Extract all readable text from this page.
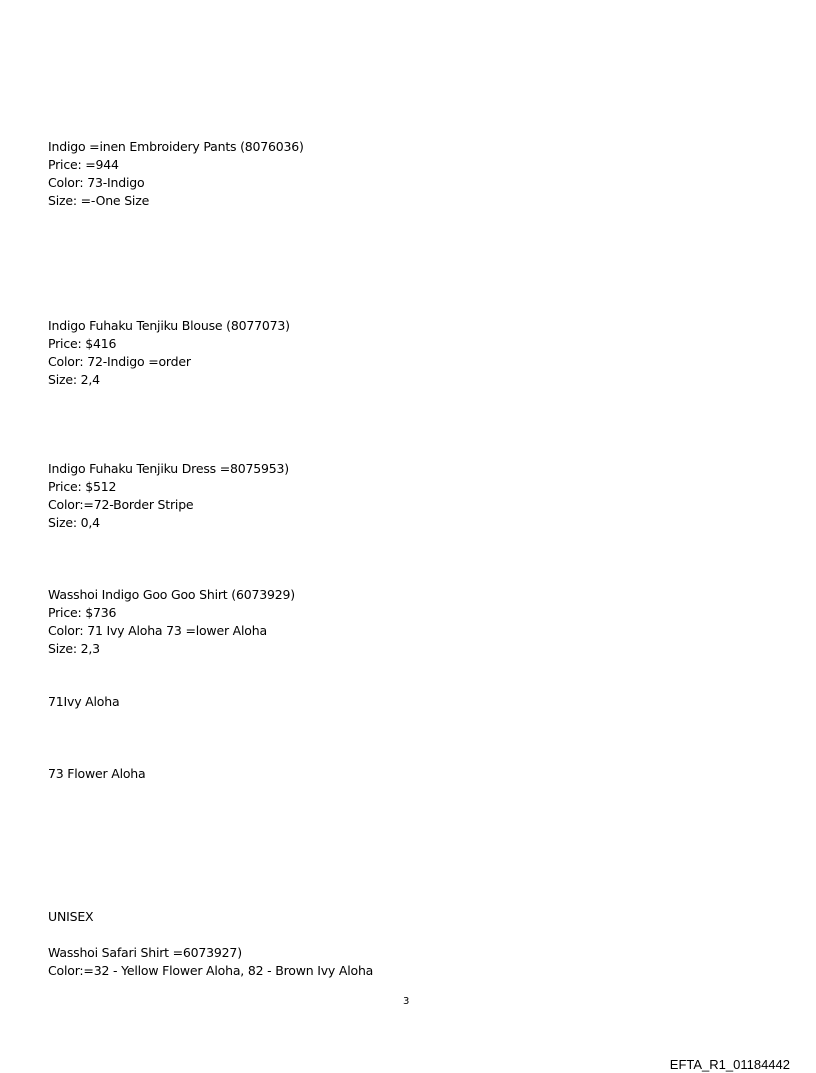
Indigo =inen Embroidery Pants (8076036)
Price: =944
Color: 73-Indigo
Size: =-One Size
Indigo Fuhaku Tenjiku Blouse (8077073)
Price: $416
Color: 72-Indigo =order
Size: 2,4
Indigo Fuhaku Tenjiku Dress =8075953)
Price: $512
Color:=72-Border Stripe
Size: 0,4
Wasshoi Indigo Goo Goo Shirt (6073929)
Price: $736
Color: 71 Ivy Aloha 73 =lower Aloha
Size: 2,3
71Ivy Aloha
73 Flower Aloha
UNISEX
Wasshoi Safari Shirt =6073927)
Color:=32 - Yellow Flower Aloha, 82 - Brown Ivy Aloha
3
EFTA_R1_01184442
